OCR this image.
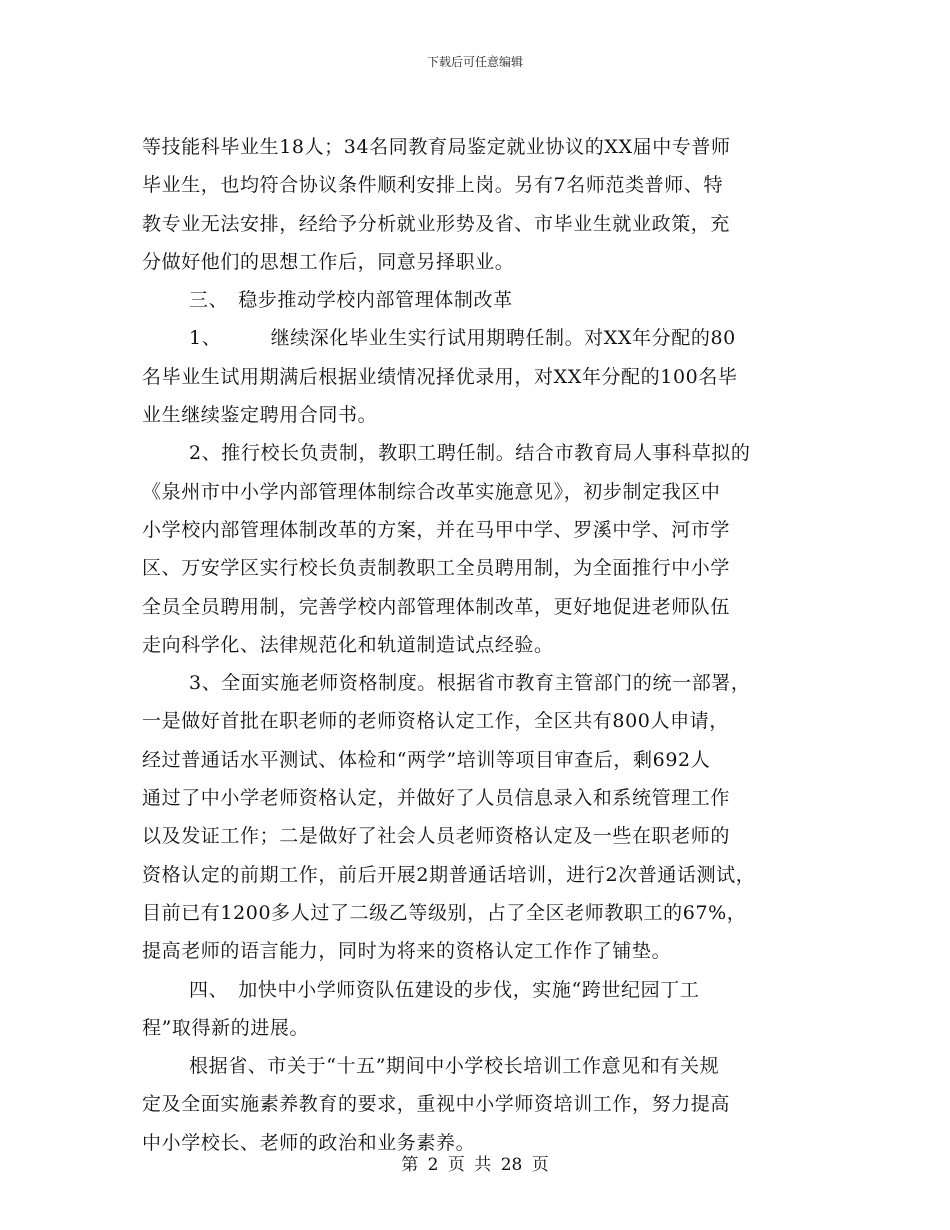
下载后可任意编辑
等技能科毕业生18人；34名同教育局鉴定就业协议的XX届中专普师
毕业生，也均符合协议条件顺利安排上岗。另有7名师范类普师、特
教专业无法安排，经给予分析就业形势及省、市毕业生就业政策，充
分做好他们的思想工作后，同意另择职业。
三、　稳步推动学校内部管理体制改革
1、　　　继续深化毕业生实行试用期聘任制。对XX年分配的80
名毕业生试用期满后根据业绩情况择优录用，对XX年分配的100名毕
业生继续鉴定聘用合同书。
2、推行校长负责制，教职工聘任制。结合市教育局人事科草拟的
《泉州市中小学内部管理体制综合改革实施意见》，初步制定我区中
小学校内部管理体制改革的方案，并在马甲中学、罗溪中学、河市学
区、万安学区实行校长负责制教职工全员聘用制，为全面推行中小学
全员全员聘用制，完善学校内部管理体制改革，更好地促进老师队伍
走向科学化、法律规范化和轨道制造试点经验。
3、全面实施老师资格制度。根据省市教育主管部门的统一部署，
一是做好首批在职老师的老师资格认定工作，全区共有800人申请，
经过普通话水平测试、体检和“两学”培训等项目审查后，剩692人
通过了中小学老师资格认定，并做好了人员信息录入和系统管理工作
以及发证工作；二是做好了社会人员老师资格认定及一些在职老师的
资格认定的前期工作，前后开展2期普通话培训，进行2次普通话测试，
目前已有1200多人过了二级乙等级别，占了全区老师教职工的67%，
提高老师的语言能力，同时为将来的资格认定工作作了铺垫。
四、　加快中小学师资队伍建设的步伐，实施“跨世纪园丁工
程”取得新的进展。
根据省、市关于“十五”期间中小学校长培训工作意见和有关规
定及全面实施素养教育的要求，重视中小学师资培训工作，努力提高
中小学校长、老师的政治和业务素养。
第 2 页 共 28 页
